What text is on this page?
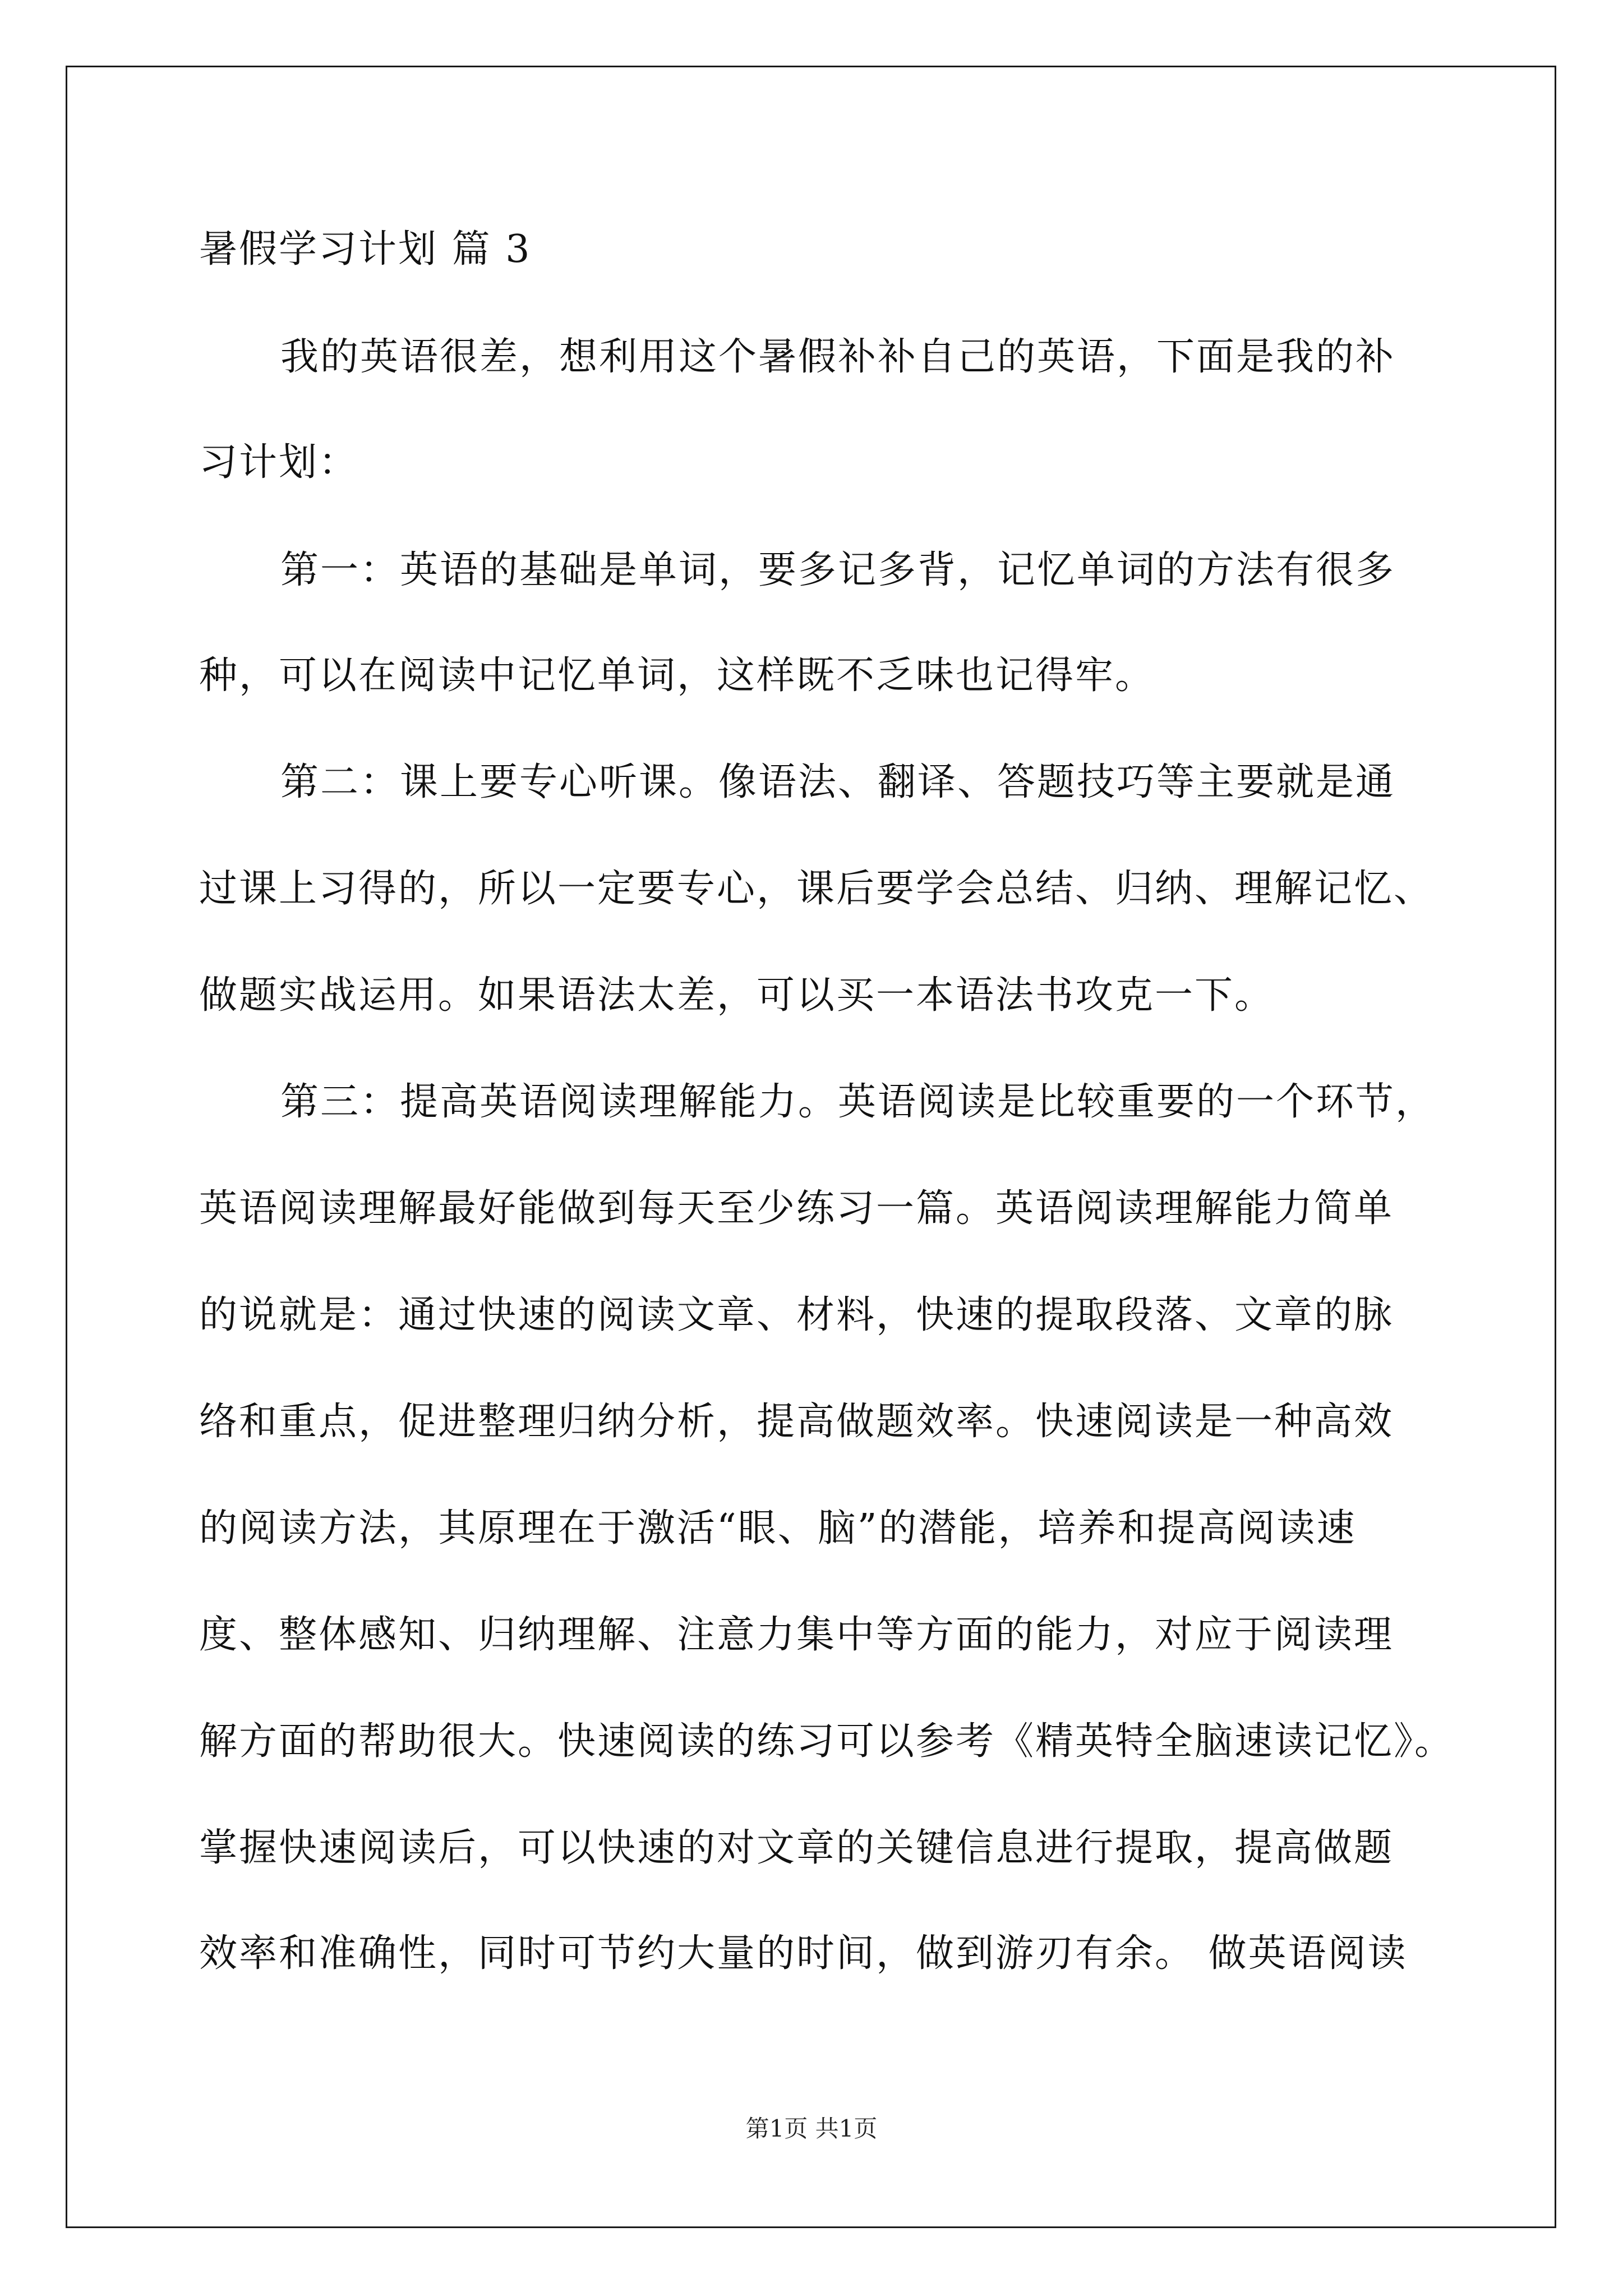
暑假学习计划 篇 3
我的英语很差，想利用这个暑假补补自己的英语，下面是我的补
习计划：
第一：英语的基础是单词，要多记多背，记忆单词的方法有很多
种，可以在阅读中记忆单词，这样既不乏味也记得牢。
第二：课上要专心听课。像语法、翻译、答题技巧等主要就是通
过课上习得的，所以一定要专心，课后要学会总结、归纳、理解记忆、
做题实战运用。如果语法太差，可以买一本语法书攻克一下。
第三：提高英语阅读理解能力。英语阅读是比较重要的一个环节，
英语阅读理解最好能做到每天至少练习一篇。英语阅读理解能力简单
的说就是：通过快速的阅读文章、材料，快速的提取段落、文章的脉
络和重点，促进整理归纳分析，提高做题效率。快速阅读是一种高效
的阅读方法，其原理在于激活“眼、脑”的潜能，培养和提高阅读速
度、整体感知、归纳理解、注意力集中等方面的能力，对应于阅读理
解方面的帮助很大。快速阅读的练习可以参考《精英特全脑速读记忆》。
掌握快速阅读后，可以快速的对文章的关键信息进行提取，提高做题
效率和准确性，同时可节约大量的时间，做到游刃有余。 做英语阅读
第1页 共1页
